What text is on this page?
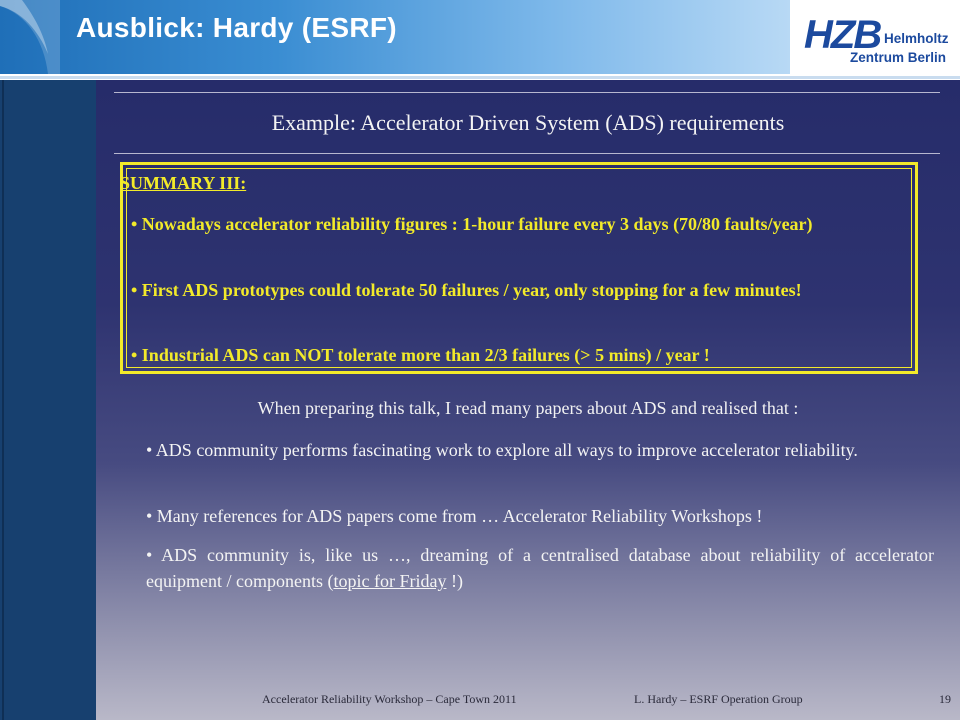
Ausblick: Hardy (ESRF)	HZB Helmholtz
Zentrum Berlin
Example: Accelerator Driven System (ADS) requirements
SUMMARY III:

• Nowadays accelerator reliability figures : 1-hour failure every 3 days (70/80 faults/year)

• First ADS prototypes could tolerate 50 failures / year, only stopping for a few minutes!

• Industrial ADS can NOT tolerate more than 2/3 failures (> 5 mins) / year !

When preparing this talk, I read many papers about ADS and realised that :

• ADS community performs fascinating work to explore all ways to improve accelerator reliability.

• Many references for ADS papers come from … Accelerator Reliability Workshops !

• ADS community is, like us …, dreaming of a centralised database about reliability of accelerator equipment / components (topic for Friday !)

Accelerator Reliability Workshop – Cape Town 2011	L. Hardy – ESRF Operation Group	19
